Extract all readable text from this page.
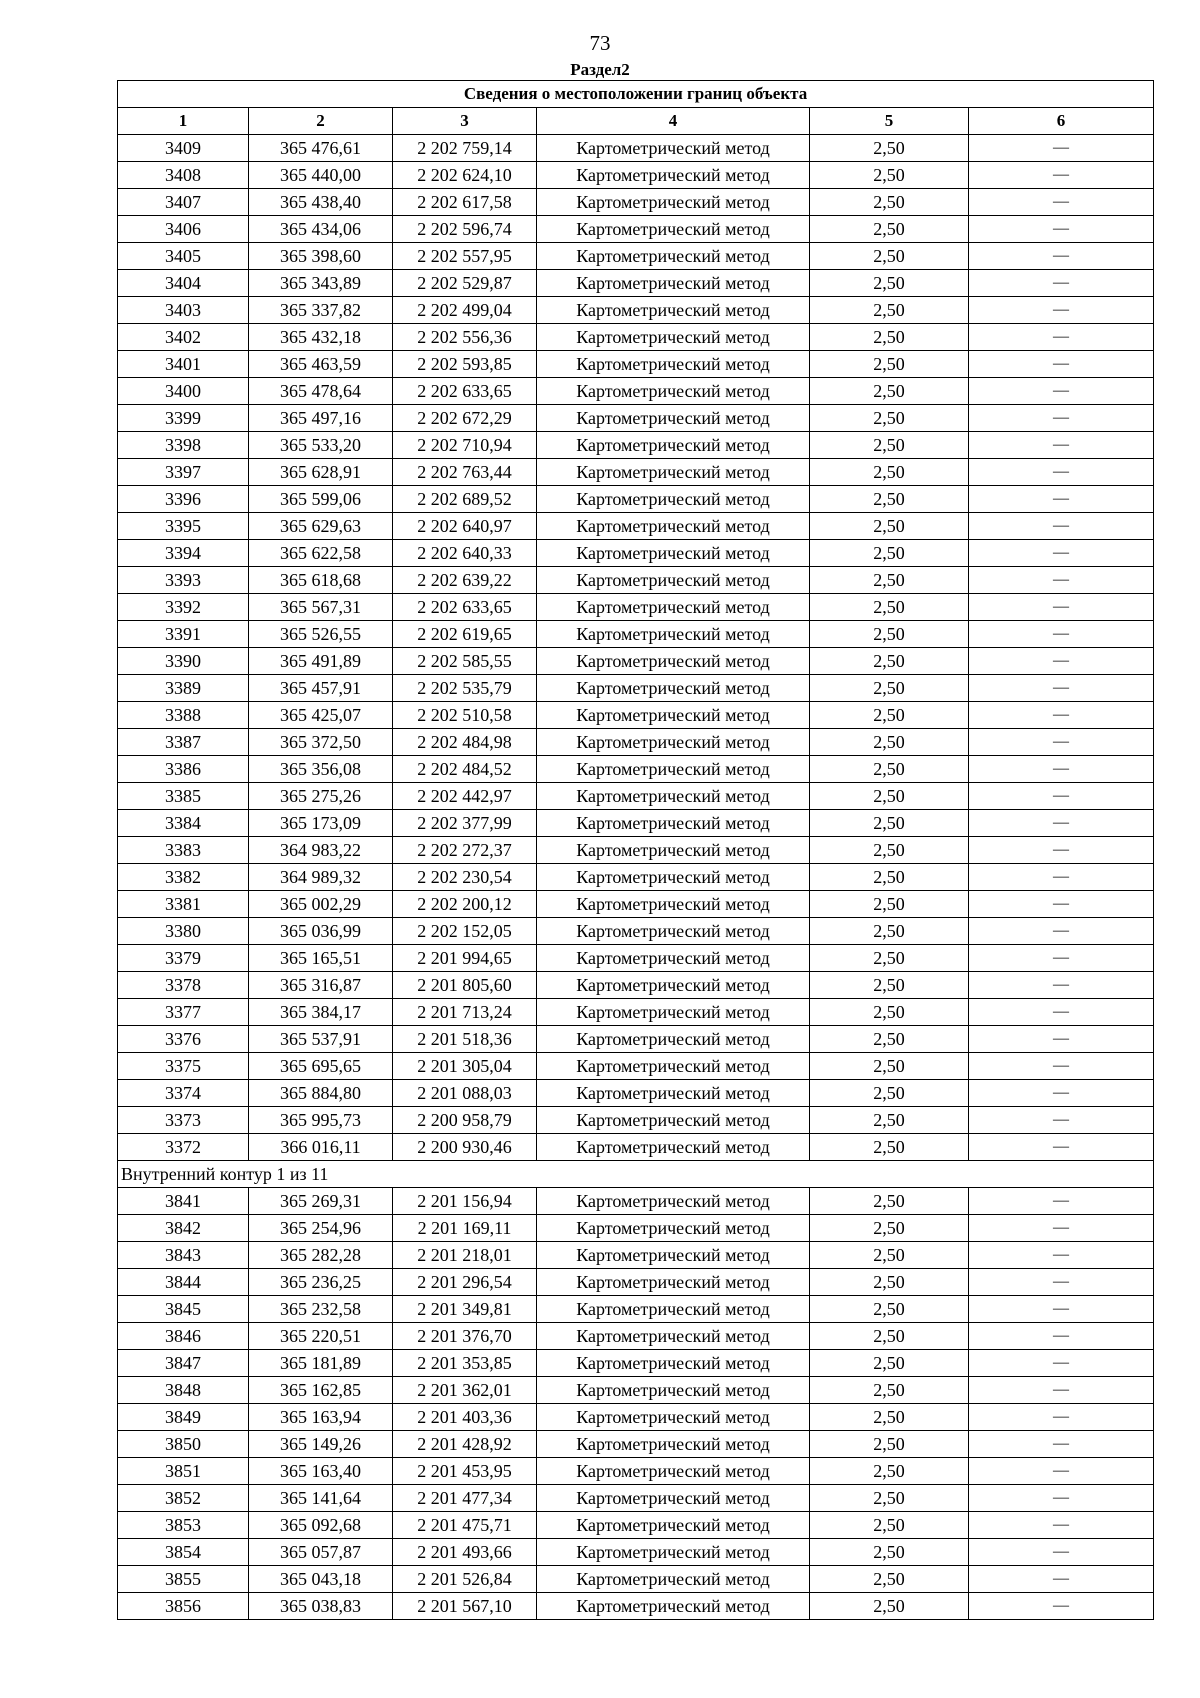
73
Раздел2
Сведения о местоположении границ объекта					
1	2	3	4	5	6
3409	365 476,61	2 202 759,14	Картометрический метод	2,50	—
3408	365 440,00	2 202 624,10	Картометрический метод	2,50	—
3407	365 438,40	2 202 617,58	Картометрический метод	2,50	—
3406	365 434,06	2 202 596,74	Картометрический метод	2,50	—
3405	365 398,60	2 202 557,95	Картометрический метод	2,50	—
3404	365 343,89	2 202 529,87	Картометрический метод	2,50	—
3403	365 337,82	2 202 499,04	Картометрический метод	2,50	—
3402	365 432,18	2 202 556,36	Картометрический метод	2,50	—
3401	365 463,59	2 202 593,85	Картометрический метод	2,50	—
3400	365 478,64	2 202 633,65	Картометрический метод	2,50	—
3399	365 497,16	2 202 672,29	Картометрический метод	2,50	—
3398	365 533,20	2 202 710,94	Картометрический метод	2,50	—
3397	365 628,91	2 202 763,44	Картометрический метод	2,50	—
3396	365 599,06	2 202 689,52	Картометрический метод	2,50	—
3395	365 629,63	2 202 640,97	Картометрический метод	2,50	—
3394	365 622,58	2 202 640,33	Картометрический метод	2,50	—
3393	365 618,68	2 202 639,22	Картометрический метод	2,50	—
3392	365 567,31	2 202 633,65	Картометрический метод	2,50	—
3391	365 526,55	2 202 619,65	Картометрический метод	2,50	—
3390	365 491,89	2 202 585,55	Картометрический метод	2,50	—
3389	365 457,91	2 202 535,79	Картометрический метод	2,50	—
3388	365 425,07	2 202 510,58	Картометрический метод	2,50	—
3387	365 372,50	2 202 484,98	Картометрический метод	2,50	—
3386	365 356,08	2 202 484,52	Картометрический метод	2,50	—
3385	365 275,26	2 202 442,97	Картометрический метод	2,50	—
3384	365 173,09	2 202 377,99	Картометрический метод	2,50	—
3383	364 983,22	2 202 272,37	Картометрический метод	2,50	—
3382	364 989,32	2 202 230,54	Картометрический метод	2,50	—
3381	365 002,29	2 202 200,12	Картометрический метод	2,50	—
3380	365 036,99	2 202 152,05	Картометрический метод	2,50	—
3379	365 165,51	2 201 994,65	Картометрический метод	2,50	—
3378	365 316,87	2 201 805,60	Картометрический метод	2,50	—
3377	365 384,17	2 201 713,24	Картометрический метод	2,50	—
3376	365 537,91	2 201 518,36	Картометрический метод	2,50	—
3375	365 695,65	2 201 305,04	Картометрический метод	2,50	—
3374	365 884,80	2 201 088,03	Картометрический метод	2,50	—
3373	365 995,73	2 200 958,79	Картометрический метод	2,50	—
3372	366 016,11	2 200 930,46	Картометрический метод	2,50	—
Внутренний контур 1 из 11					
3841	365 269,31	2 201 156,94	Картометрический метод	2,50	—
3842	365 254,96	2 201 169,11	Картометрический метод	2,50	—
3843	365 282,28	2 201 218,01	Картометрический метод	2,50	—
3844	365 236,25	2 201 296,54	Картометрический метод	2,50	—
3845	365 232,58	2 201 349,81	Картометрический метод	2,50	—
3846	365 220,51	2 201 376,70	Картометрический метод	2,50	—
3847	365 181,89	2 201 353,85	Картометрический метод	2,50	—
3848	365 162,85	2 201 362,01	Картометрический метод	2,50	—
3849	365 163,94	2 201 403,36	Картометрический метод	2,50	—
3850	365 149,26	2 201 428,92	Картометрический метод	2,50	—
3851	365 163,40	2 201 453,95	Картометрический метод	2,50	—
3852	365 141,64	2 201 477,34	Картометрический метод	2,50	—
3853	365 092,68	2 201 475,71	Картометрический метод	2,50	—
3854	365 057,87	2 201 493,66	Картометрический метод	2,50	—
3855	365 043,18	2 201 526,84	Картометрический метод	2,50	—
3856	365 038,83	2 201 567,10	Картометрический метод	2,50	—
